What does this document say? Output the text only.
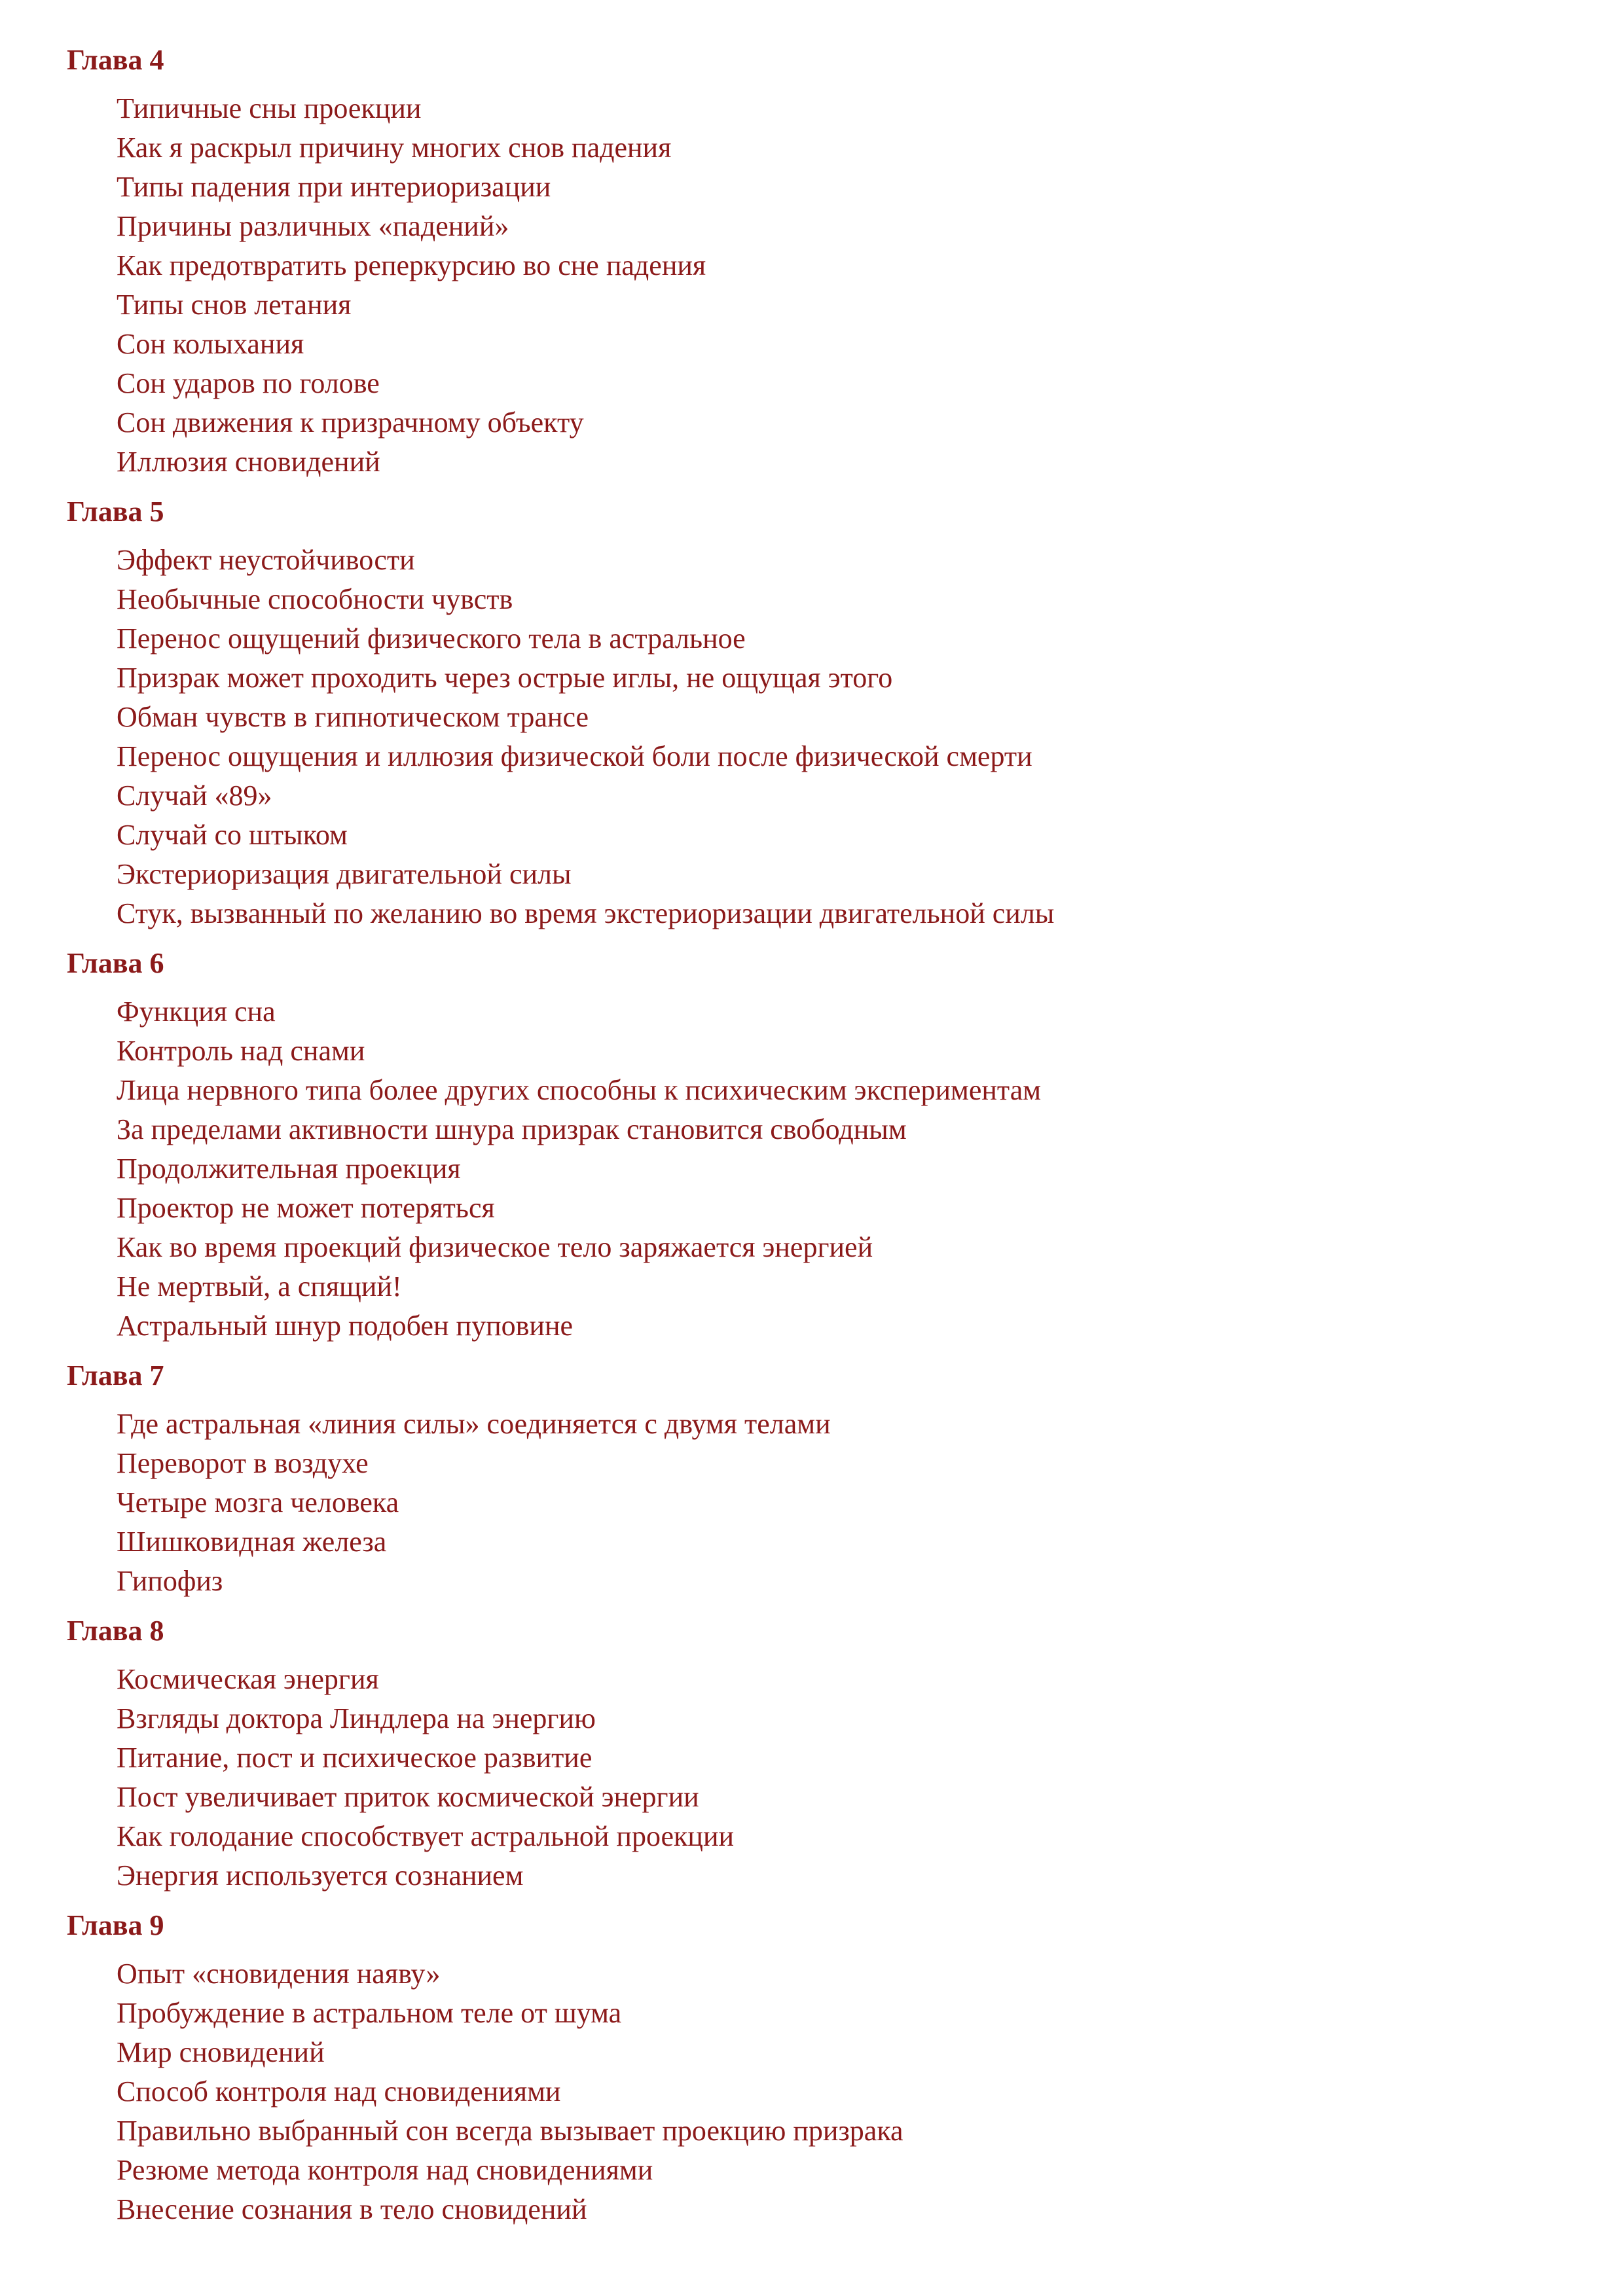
Глава 4
Типичные сны проекции
Как я раскрыл причину многих снов падения
Типы падения при интериоризации
Причины различных «падений»
Как предотвратить реперкурсию во сне падения
Типы снов летания
Сон колыхания
Сон ударов по голове
Сон движения к призрачному объекту
Иллюзия сновидений
Глава 5
Эффект неустойчивости
Необычные способности чувств
Перенос ощущений физического тела в астральное
Призрак может проходить через острые иглы, не ощущая этого
Обман чувств в гипнотическом трансе
Перенос ощущения и иллюзия физической боли после физической смерти
Случай «89»
Случай со штыком
Экстериоризация двигательной силы
Стук, вызванный по желанию во время экстериоризации двигательной силы
Глава 6
Функция сна
Контроль над снами
Лица нервного типа более других способны к психическим экспериментам
За пределами активности шнура призрак становится свободным
Продолжительная проекция
Проектор не может потеряться
Как во время проекций физическое тело заряжается энергией
Не мертвый, а спящий!
Астральный шнур подобен пуповине
Глава 7
Где астральная «линия силы» соединяется с двумя телами
Переворот в воздухе
Четыре мозга человека
Шишковидная железа
Гипофиз
Глава 8
Космическая энергия
Взгляды доктора Линдлера на энергию
Питание, пост и психическое развитие
Пост увеличивает приток космической энергии
Как голодание способствует астральной проекции
Энергия используется сознанием
Глава 9
Опыт «сновидения наяву»
Пробуждение в астральном теле от шума
Мир сновидений
Способ контроля над сновидениями
Правильно выбранный сон всегда вызывает проекцию призрака
Резюме метода контроля над сновидениями
Внесение сознания в тело сновидений
